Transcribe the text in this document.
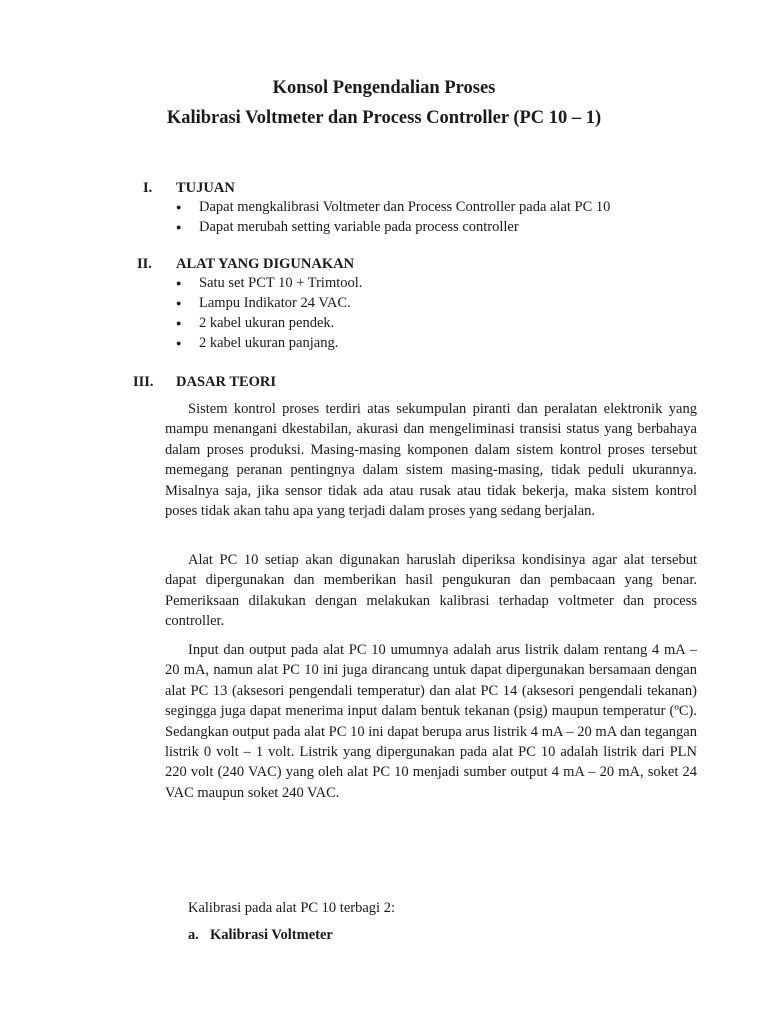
Konsol Pengendalian Proses
Kalibrasi Voltmeter dan Process Controller (PC 10 – 1)
I. TUJUAN
● Dapat mengkalibrasi Voltmeter dan Process Controller pada alat PC 10
● Dapat merubah setting variable pada process controller
II. ALAT YANG DIGUNAKAN
● Satu set PCT 10 + Trimtool.
● Lampu Indikator 24 VAC.
● 2 kabel ukuran pendek.
● 2 kabel ukuran panjang.
III. DASAR TEORI

Sistem kontrol proses terdiri atas sekumpulan piranti dan peralatan elektronik yang mampu menangani dkestabilan, akurasi dan mengeliminasi transisi status yang berbahaya dalam proses produksi. Masing-masing komponen dalam sistem kontrol proses tersebut memegang peranan pentingnya dalam sistem masing-masing, tidak peduli ukurannya. Misalnya saja, jika sensor tidak ada atau rusak atau tidak bekerja, maka sistem kontrol poses tidak akan tahu apa yang terjadi dalam proses yang sedang berjalan.

Alat PC 10 setiap akan digunakan haruslah diperiksa kondisinya agar alat tersebut dapat dipergunakan dan memberikan hasil pengukuran dan pembacaan yang benar. Pemeriksaan dilakukan dengan melakukan kalibrasi terhadap voltmeter dan process controller.

Input dan output pada alat PC 10 umumnya adalah arus listrik dalam rentang 4 mA – 20 mA, namun alat PC 10 ini juga dirancang untuk dapat dipergunakan bersamaan dengan alat PC 13 (aksesori pengendali temperatur) dan alat PC 14 (aksesori pengendali tekanan) segingga juga dapat menerima input dalam bentuk tekanan (psig) maupun temperatur (ºC). Sedangkan output pada alat PC 10 ini dapat berupa arus listrik 4 mA – 20 mA dan tegangan listrik 0 volt – 1 volt. Listrik yang dipergunakan pada alat PC 10 adalah listrik dari PLN 220 volt (240 VAC) yang oleh alat PC 10 menjadi sumber output 4 mA – 20 mA, soket 24 VAC maupun soket 240 VAC.

Kalibrasi pada alat PC 10 terbagi 2:
a. Kalibrasi Voltmeter
